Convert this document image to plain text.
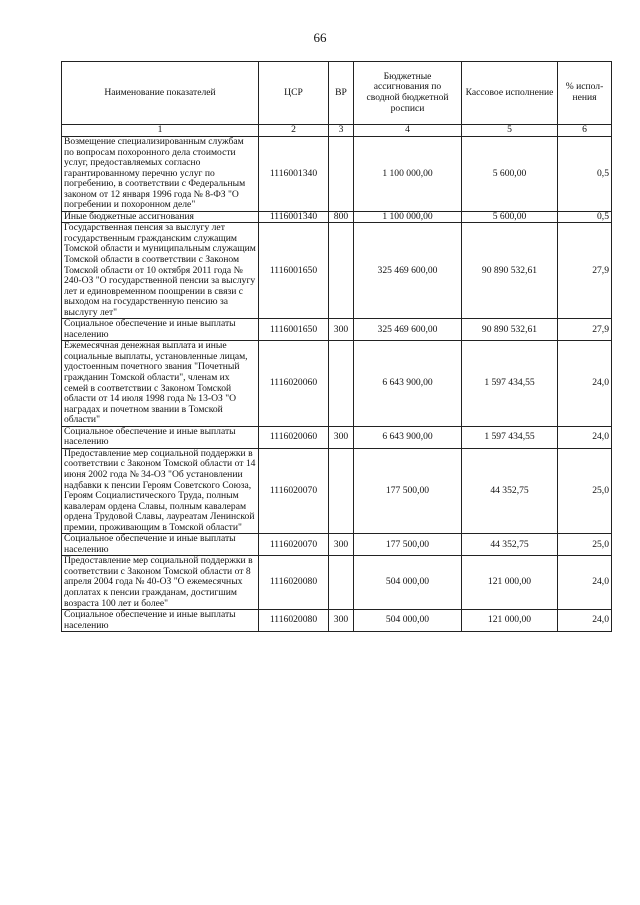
66
Наименование показателей	ЦСР	ВР	Бюджетные ассигнования по сводной бюджетной росписи	Кассовое исполнение	% испол-нения
1	2	3	4	5	6
Возмещение специализированным службам по вопросам похоронного дела стоимости услуг, предоставляемых согласно гарантированному перечню услуг по погребению, в соответствии с Федеральным законом от 12 января 1996 года № 8-ФЗ "О погребении и похоронном деле"	1116001340		1 100 000,00	5 600,00	0,5
Иные бюджетные ассигнования	1116001340	800	1 100 000,00	5 600,00	0,5
Государственная пенсия за выслугу лет государственным гражданским служащим Томской области и муниципальным служащим Томской области в соответствии с Законом Томской области от 10 октября 2011 года № 240-ОЗ "О государственной пенсии за выслугу лет и единовременном поощрении в связи с выходом на государственную пенсию за выслугу лет"	1116001650		325 469 600,00	90 890 532,61	27,9
Социальное обеспечение и иные выплаты населению	1116001650	300	325 469 600,00	90 890 532,61	27,9
Ежемесячная денежная выплата и иные социальные выплаты, установленные лицам, удостоенным почетного звания "Почетный гражданин Томской области", членам их семей в соответствии с Законом Томской области от 14 июля 1998 года № 13-ОЗ "О наградах и почетном звании в Томской области"	1116020060		6 643 900,00	1 597 434,55	24,0
Социальное обеспечение и иные выплаты населению	1116020060	300	6 643 900,00	1 597 434,55	24,0
Предоставление мер социальной поддержки в соответствии с Законом Томской области от 14 июня 2002 года № 34-ОЗ "Об установлении надбавки к пенсии Героям Советского Союза, Героям Социалистического Труда, полным кавалерам ордена Славы, полным кавалерам ордена Трудовой Славы, лауреатам Ленинской премии, проживающим в Томской области"	1116020070		177 500,00	44 352,75	25,0
Социальное обеспечение и иные выплаты населению	1116020070	300	177 500,00	44 352,75	25,0
Предоставление мер социальной поддержки в соответствии с Законом Томской области от 8 апреля 2004 года № 40-ОЗ "О ежемесячных доплатах к пенсии гражданам, достигшим возраста 100 лет и более"	1116020080		504 000,00	121 000,00	24,0
Социальное обеспечение и иные выплаты населению	1116020080	300	504 000,00	121 000,00	24,0
